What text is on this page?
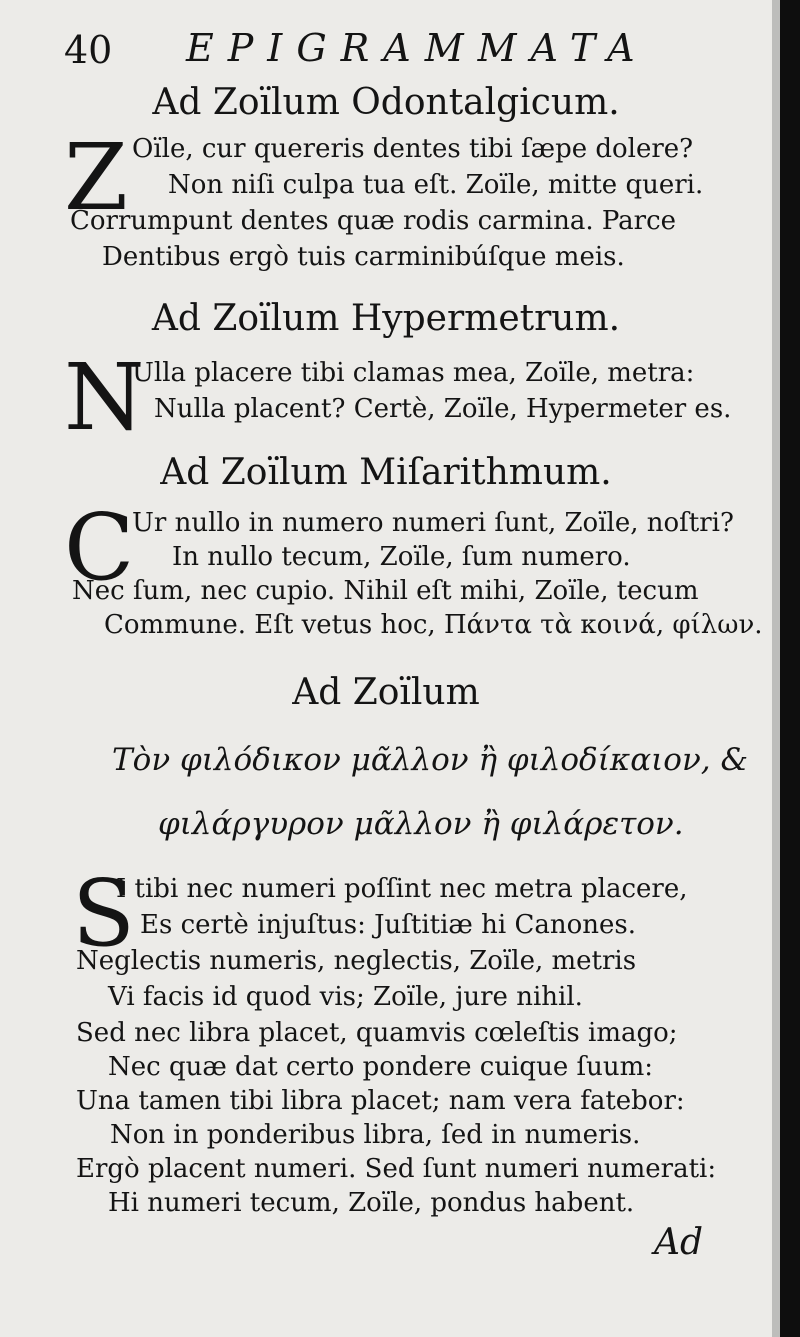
40 EPIGRAMMATA
Ad Zoïlum Odontalgicum.
Z Oïle, cur quereris dentes tibi ſæpe dolere?
Non niſi culpa tua eſt. Zoïle, mitte queri.
Corrumpunt dentes quæ rodis carmina. Parce
Dentibus ergò tuis carminibúſque meis.
Ad Zoïlum Hypermetrum.
N
Ulla placere tibi clamas mea, Zoïle, metra:
Nulla placent? Certè, Zoïle, Hypermeter es.
Ad Zoïlum Miſarithmum.
C
Ur nullo in numero numeri ſunt, Zoïle, noſtri?
In nullo tecum, Zoïle, ſum numero.
Nec ſum, nec cupio. Nihil eſt mihi, Zoïle, tecum
Commune. Eſt vetus hoc, Πάντα τὰ κοινά, φίλων.
Ad Zoïlum
Τὸν φιλόδικον μᾶλλον ἢ φιλοδίκαιον, &
φιλάργυρον μᾶλλον ἢ φιλάρετον.
S
I tibi nec numeri poſſint nec metra placere,
Es certè injuſtus: Juſtitiæ hi Canones.
Neglectis numeris, neglectis, Zoïle, metris
Vi facis id quod vis; Zoïle, jure nihil.
Sed nec libra placet, quamvis cœleſtis imago;
Nec quæ dat certo pondere cuique ſuum:
Una tamen tibi libra placet; nam vera fatebor:
Non in ponderibus libra, ſed in numeris.
Ergò placent numeri. Sed ſunt numeri numerati:
Hi numeri tecum, Zoïle, pondus habent.
Ad
